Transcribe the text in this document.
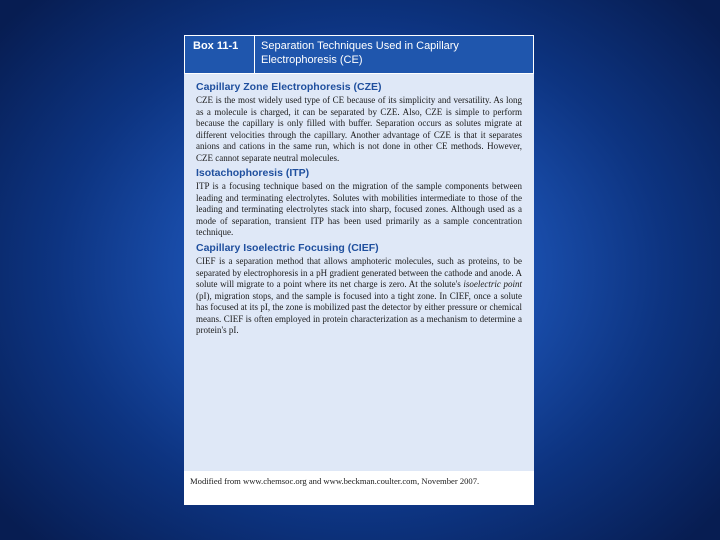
Box 11-1	Separation Techniques Used in Capillary Electrophoresis (CE)
Capillary Zone Electrophoresis (CZE)

CZE is the most widely used type of CE because of its simplicity and versatility. As long as a molecule is charged, it can be separated by CZE. Also, CZE is simple to perform because the capillary is only filled with buffer. Separation occurs as solutes migrate at different velocities through the capillary. Another advantage of CZE is that it separates anions and cations in the same run, which is not done in other CE methods. However, CZE cannot separate neutral molecules.

Isotachophoresis (ITP)

ITP is a focusing technique based on the migration of the sample components between leading and terminating electrolytes. Solutes with mobilities intermediate to those of the leading and terminating electrolytes stack into sharp, focused zones. Although used as a mode of separation, transient ITP has been used primarily as a sample concentration technique.

Capillary Isoelectric Focusing (CIEF)

CIEF is a separation method that allows amphoteric molecules, such as proteins, to be separated by electrophoresis in a pH gradient generated between the cathode and anode. A solute will migrate to a point where its net charge is zero. At the solute's isoelectric point (pI), migration stops, and the sample is focused into a tight zone. In CIEF, once a solute has focused at its pI, the zone is mobilized past the detector by either pressure or chemical means. CIEF is often employed in protein characterization as a mechanism to determine a protein's pI.

Modified from www.chemsoc.org and www.beckman.coulter.com, November 2007.
